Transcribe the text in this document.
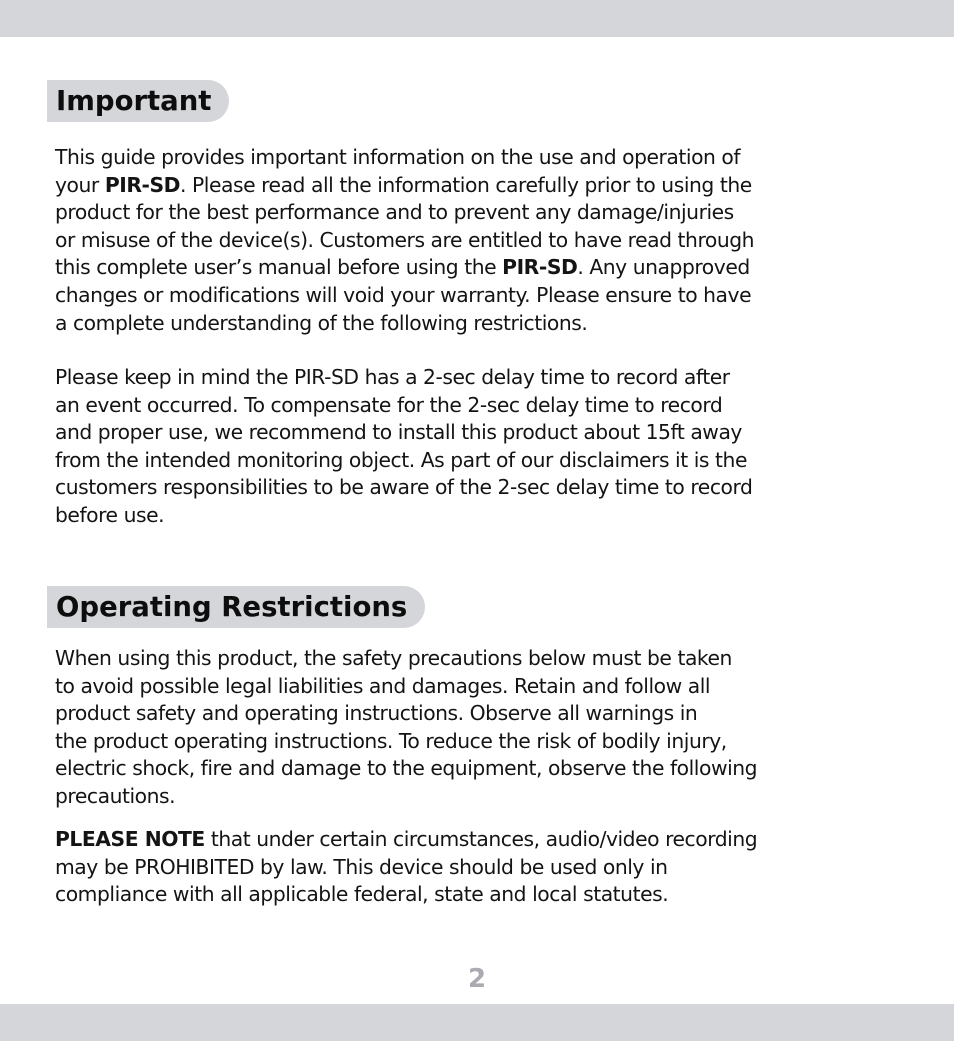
Important

This guide provides important information on the use and operation of
your PIR-SD. Please read all the information carefully prior to using the
product for the best performance and to prevent any damage/injuries
or misuse of the device(s). Customers are entitled to have read through
this complete user’s manual before using the PIR-SD. Any unapproved
changes or modifications will void your warranty. Please ensure to have
a complete understanding of the following restrictions.

Please keep in mind the PIR-SD has a 2-sec delay time to record after
an event occurred. To compensate for the 2-sec delay time to record
and proper use, we recommend to install this product about 15ft away
from the intended monitoring object. As part of our disclaimers it is the
customers responsibilities to be aware of the 2-sec delay time to record
before use.

Operating Restrictions

When using this product, the safety precautions below must be taken
to avoid possible legal liabilities and damages. Retain and follow all
product safety and operating instructions. Observe all warnings in
the product operating instructions. To reduce the risk of bodily injury,
electric shock, fire and damage to the equipment, observe the following
precautions.

PLEASE NOTE that under certain circumstances, audio/video recording
may be PROHIBITED by law. This device should be used only in
compliance with all applicable federal, state and local statutes.

2
